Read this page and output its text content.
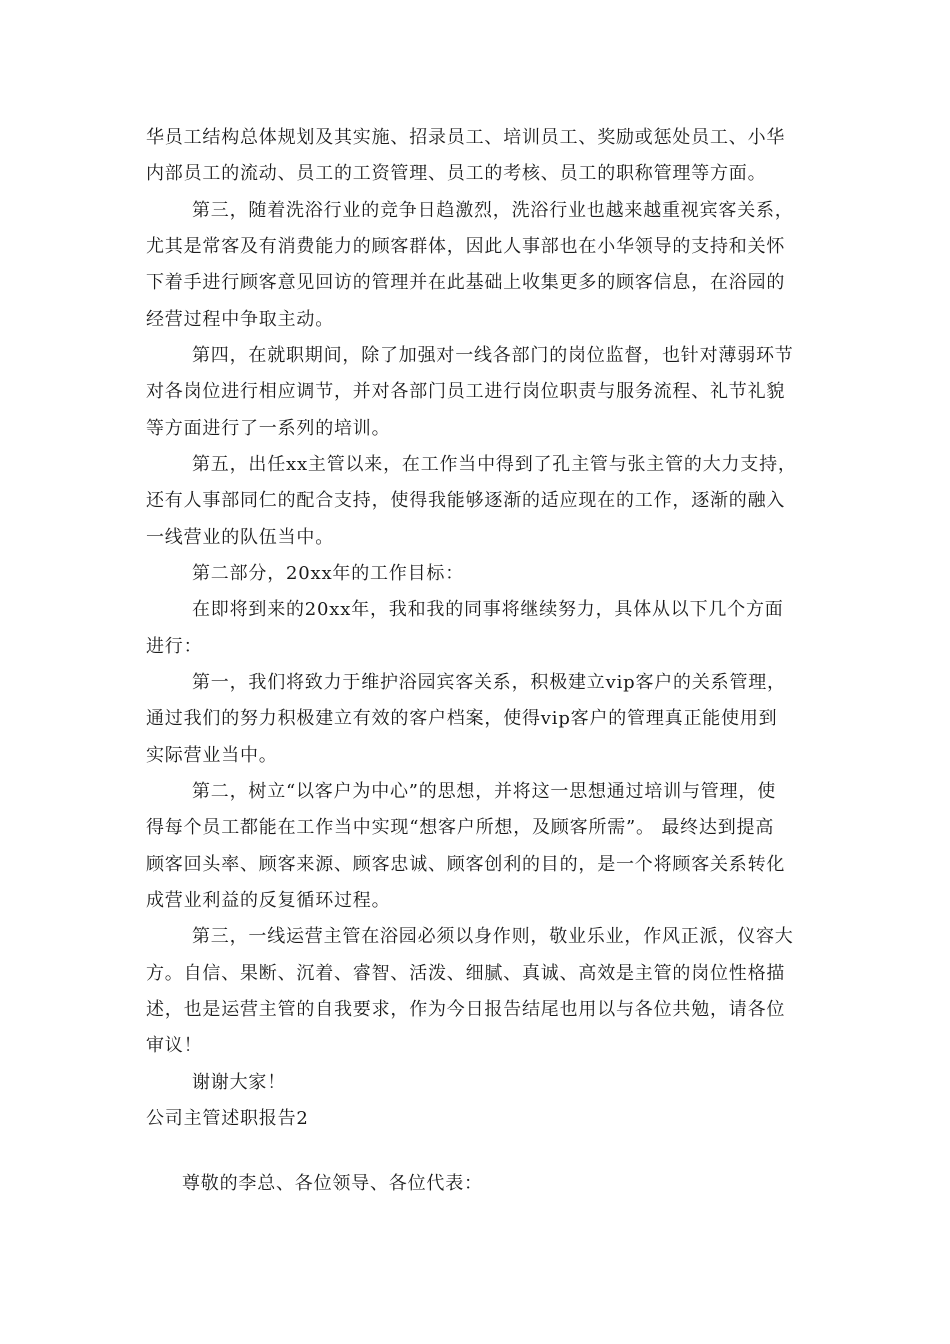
华员工结构总体规划及其实施、招录员工、培训员工、奖励或惩处员工、小华
内部员工的流动、员工的工资管理、员工的考核、员工的职称管理等方面。
第三，随着洗浴行业的竞争日趋激烈，洗浴行业也越来越重视宾客关系，
尤其是常客及有消费能力的顾客群体，因此人事部也在小华领导的支持和关怀
下着手进行顾客意见回访的管理并在此基础上收集更多的顾客信息，在浴园的
经营过程中争取主动。
第四，在就职期间，除了加强对一线各部门的岗位监督，也针对薄弱环节
对各岗位进行相应调节，并对各部门员工进行岗位职责与服务流程、礼节礼貌
等方面进行了一系列的培训。
第五，出任xx主管以来，在工作当中得到了孔主管与张主管的大力支持，
还有人事部同仁的配合支持，使得我能够逐渐的适应现在的工作，逐渐的融入
一线营业的队伍当中。
第二部分，20xx年的工作目标：
在即将到来的20xx年，我和我的同事将继续努力，具体从以下几个方面
进行：
第一，我们将致力于维护浴园宾客关系，积极建立vip客户的关系管理，
通过我们的努力积极建立有效的客户档案，使得vip客户的管理真正能使用到
实际营业当中。
第二，树立“以客户为中心”的思想，并将这一思想通过培训与管理，使
得每个员工都能在工作当中实现“想客户所想，及顾客所需”。 最终达到提高
顾客回头率、顾客来源、顾客忠诚、顾客创利的目的，是一个将顾客关系转化
成营业利益的反复循环过程。
第三，一线运营主管在浴园必须以身作则，敬业乐业，作风正派，仪容大
方。自信、果断、沉着、睿智、活泼、细腻、真诚、高效是主管的岗位性格描
述，也是运营主管的自我要求，作为今日报告结尾也用以与各位共勉，请各位
审议！
谢谢大家！
公司主管述职报告2
尊敬的李总、各位领导、各位代表：
